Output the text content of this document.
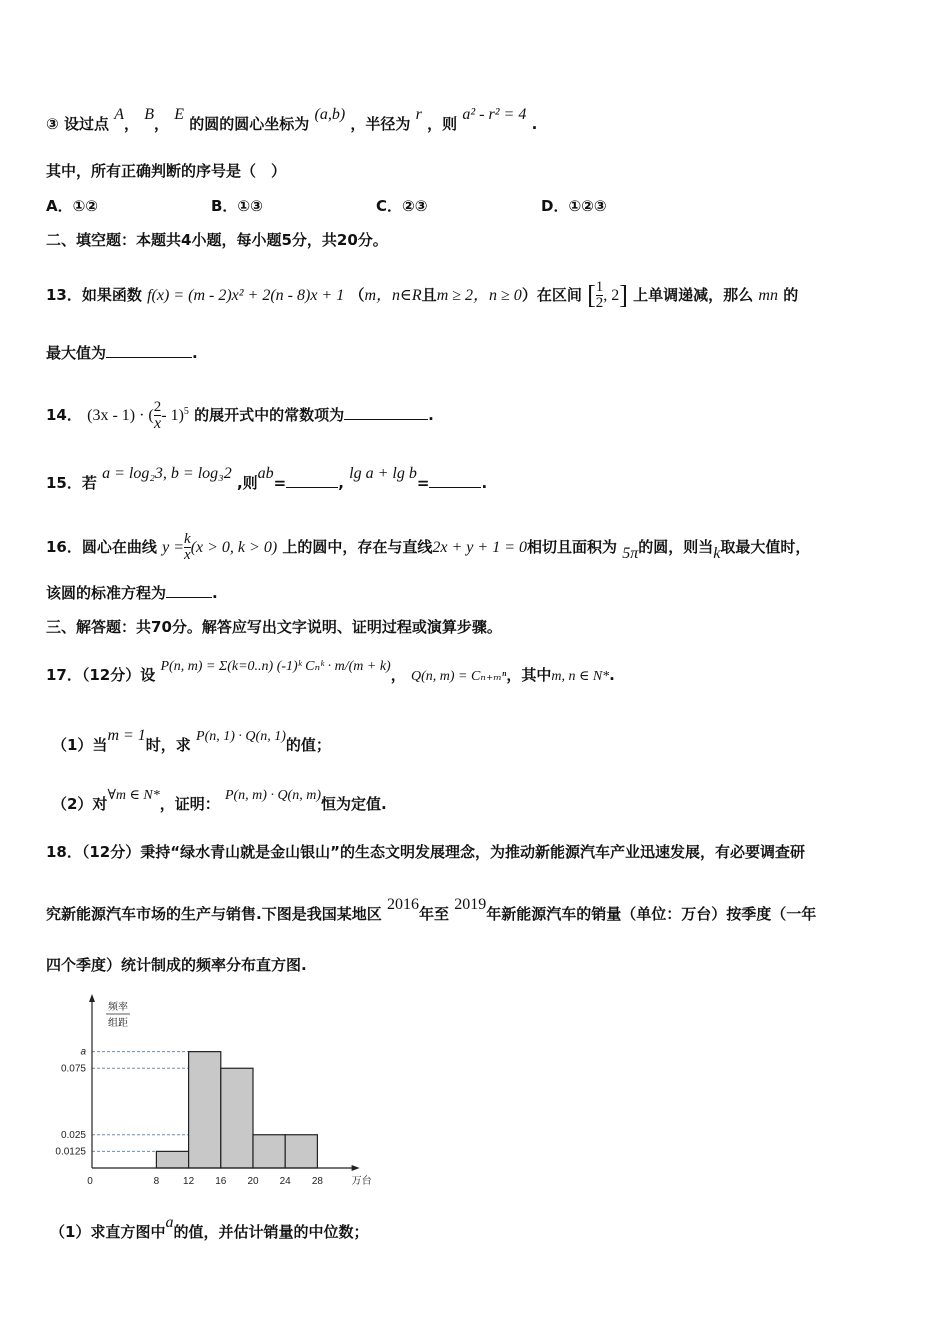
③ 设过点 A， B， E 的圆的圆心坐标为 (a,b) ，半径为 r ，则 a² - r² = 4 .
其中，所有正确判断的序号是（　）
A．①②	B．①③	C．②③	D．①②③
二、填空题：本题共4小题，每小题5分，共20分。
13．如果函数 f(x) = (m - 2)x² + 2(n - 8)x + 1 （m，n∈R且m ≥ 2，n ≥ 0）在区间 [ $\frac{1}{2}$ , 2] 上单调递减，那么 mn 的
最大值为	.
14． (3x - 1) · ( $\frac{2}{x} - 1)^5$ 的展开式中的常数项为	.
15．若 a = log₂3, b = log₃2 ,则ab=	, lg a + lg b=	.
16．圆心在曲线 $y = \frac{k}{x} (x > 0$, k > 0) 上的圆中，存在与直线2x + y + 1 = 0相切且面积为 5π的圆，则当k取最大值时，
该圆的标准方程为	.
三、解答题：共70分。解答应写出文字说明、证明过程或演算步骤。
17．（12分）设 P(n, m) = Σ(k=0..n) (-1)ᵏ Cₙᵏ · m/(m + k)， Q(n, m) = Cₙ₊ₘⁿ，其中m, n ∈ N*.
（1）当m = 1时，求 P(n, 1) · Q(n, 1)的值；
（2）对∀m ∈ N*，证明： P(n, m) · Q(n, m)恒为定值.
18．（12分）秉持“绿水青山就是金山银山”的生态文明发展理念，为推动新能源汽车产业迅速发展，有必要调查研
究新能源汽车市场的生产与销售.下图是我国某地区 2016年至 2019年新能源汽车的销量（单位：万台）按季度（一年
四个季度）统计制成的频率分布直方图.
a
0.075
0.025
0.0125
0	8 12 16 20 24 28	万台
频率
组距
（1）求直方图中a的值，并估计销量的中位数；
